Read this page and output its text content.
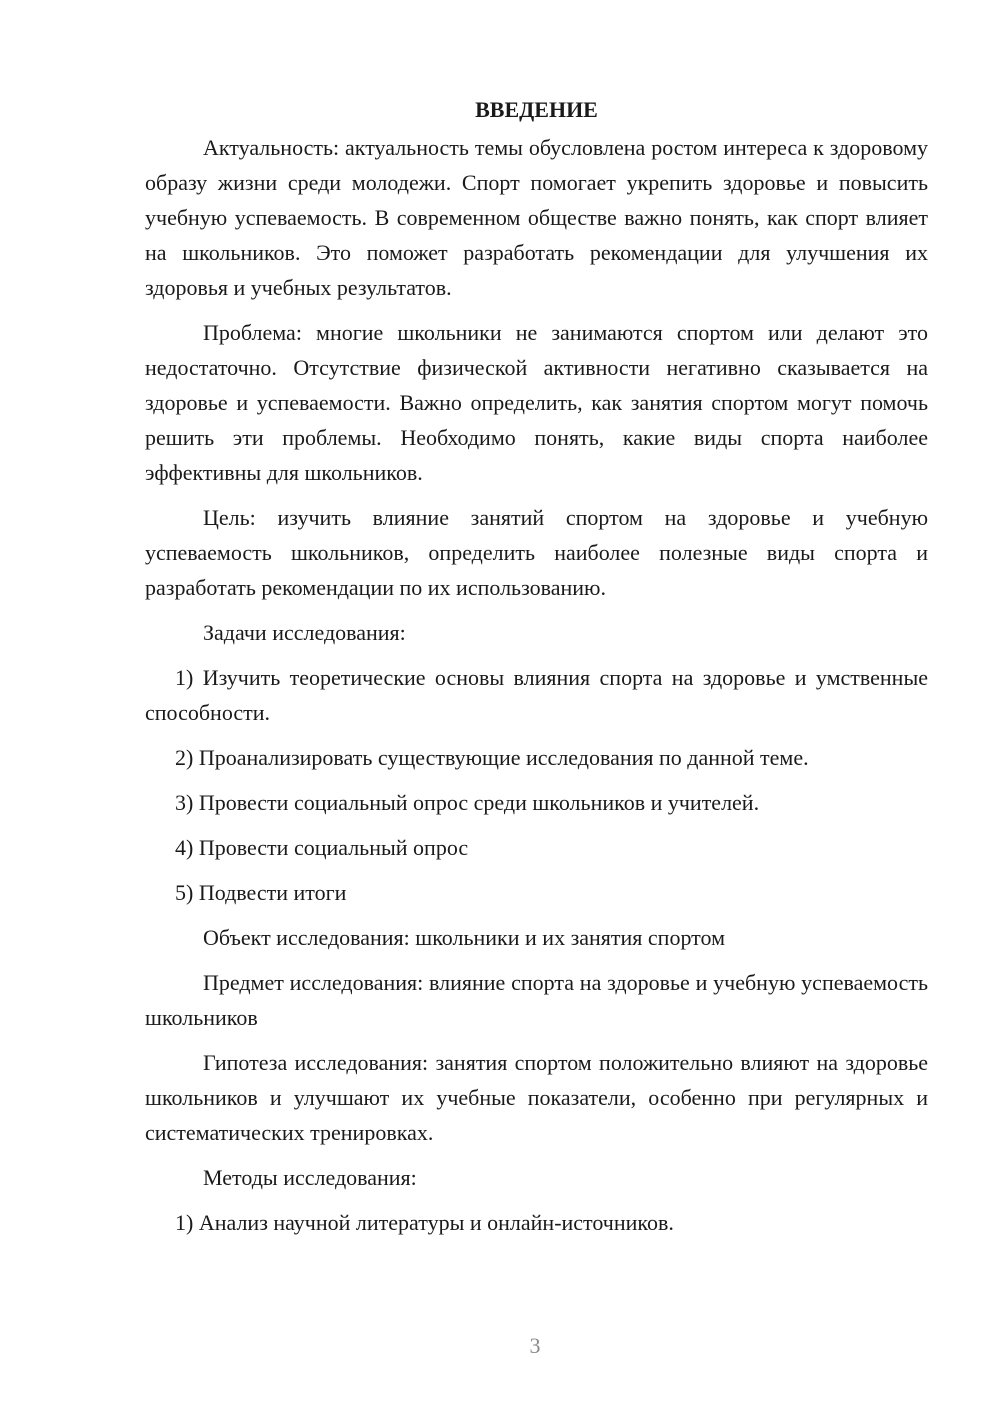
ВВЕДЕНИЕ

Актуальность: актуальность темы обусловлена ростом интереса к здоровому образу жизни среди молодежи. Спорт помогает укрепить здоровье и повысить учебную успеваемость. В современном обществе важно понять, как спорт влияет на школьников. Это поможет разработать рекомендации для улучшения их здоровья и учебных результатов.

Проблема: многие школьники не занимаются спортом или делают это недостаточно. Отсутствие физической активности негативно сказывается на здоровье и успеваемости. Важно определить, как занятия спортом могут помочь решить эти проблемы. Необходимо понять, какие виды спорта наиболее эффективны для школьников.

Цель: изучить влияние занятий спортом на здоровье и учебную успеваемость школьников, определить наиболее полезные виды спорта и разработать рекомендации по их использованию.

Задачи исследования:

1) Изучить теоретические основы влияния спорта на здоровье и умственные способности.

2) Проанализировать существующие исследования по данной теме.

3) Провести социальный опрос среди школьников и учителей.

4) Провести социальный опрос

5) Подвести итоги

Объект исследования: школьники и их занятия спортом

Предмет исследования: влияние спорта на здоровье и учебную успеваемость школьников

Гипотеза исследования: занятия спортом положительно влияют на здоровье школьников и улучшают их учебные показатели, особенно при регулярных и систематических тренировках.

Методы исследования:

1) Анализ научной литературы и онлайн-источников.

3
